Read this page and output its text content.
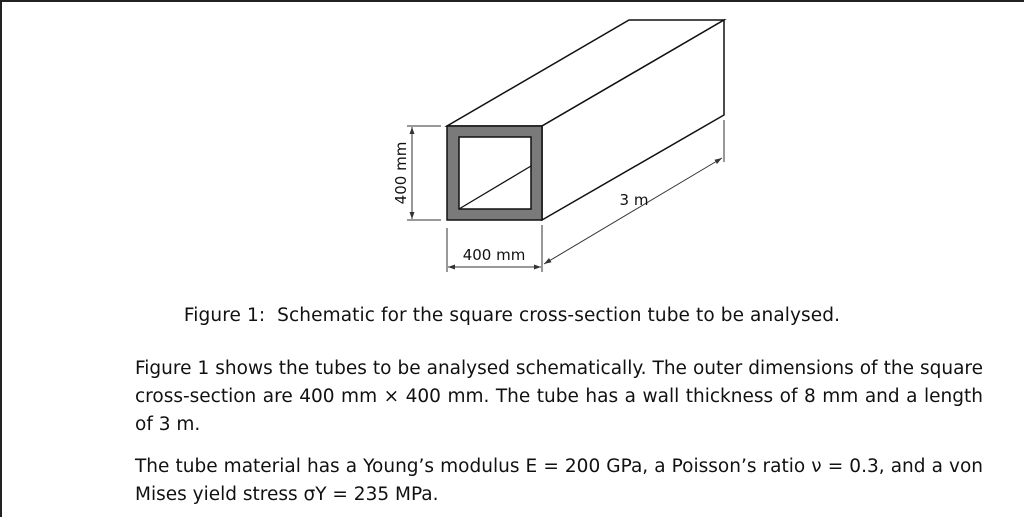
400 mm
400 mm
3 m
Figure 1: Schematic for the square cross-section tube to be analysed.
Figure 1 shows the tubes to be analysed schematically. The outer dimensions of the square cross-section are 400 mm × 400 mm. The tube has a wall thickness of 8 mm and a length of 3 m.
The tube material has a Young’s modulus E = 200 GPa, a Poisson’s ratio ν = 0.3, and a von Mises yield stress σY = 235 MPa.
